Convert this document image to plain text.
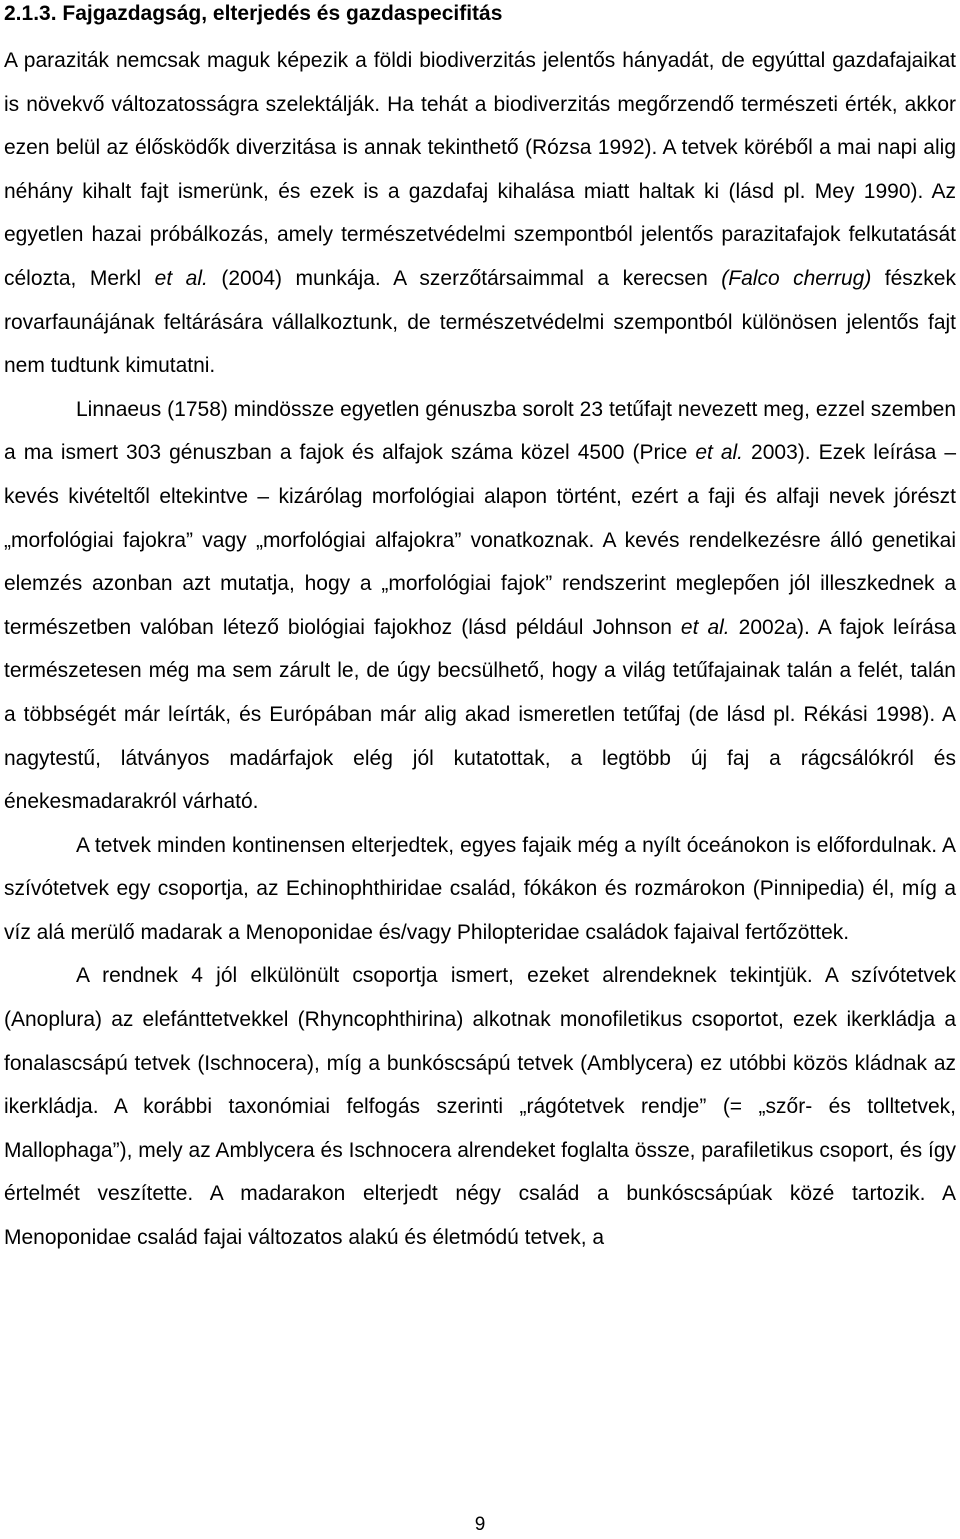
2.1.3. Fajgazdagság, elterjedés és gazdaspecifitás

A paraziták nemcsak maguk képezik a földi biodiverzitás jelentős hányadát, de egyúttal gazdafajaikat is növekvő változatosságra szelektálják. Ha tehát a biodiverzitás megőrzendő természeti érték, akkor ezen belül az élősködők diverzitása is annak tekinthető (Rózsa 1992). A tetvek köréből a mai napi alig néhány kihalt fajt ismerünk, és ezek is a gazdafaj kihalása miatt haltak ki (lásd pl. Mey 1990). Az egyetlen hazai próbálkozás, amely természetvédelmi szempontból jelentős parazitafajok felkutatását célozta, Merkl et al. (2004) munkája. A szerzőtársaimmal a kerecsen (Falco cherrug) fészkek rovarfaunájának feltárására vállalkoztunk, de természetvédelmi szempontból különösen jelentős fajt nem tudtunk kimutatni.

Linnaeus (1758) mindössze egyetlen génuszba sorolt 23 tetűfajt nevezett meg, ezzel szemben a ma ismert 303 génuszban a fajok és alfajok száma közel 4500 (Price et al. 2003). Ezek leírása – kevés kivételtől eltekintve – kizárólag morfológiai alapon történt, ezért a faji és alfaji nevek jórészt „morfológiai fajokra” vagy „morfológiai alfajokra” vonatkoznak. A kevés rendelkezésre álló genetikai elemzés azonban azt mutatja, hogy a „morfológiai fajok” rendszerint meglepően jól illeszkednek a természetben valóban létező biológiai fajokhoz (lásd például Johnson et al. 2002a). A fajok leírása természetesen még ma sem zárult le, de úgy becsülhető, hogy a világ tetűfajainak talán a felét, talán a többségét már leírták, és Európában már alig akad ismeretlen tetűfaj (de lásd pl. Rékási 1998). A nagytestű, látványos madárfajok elég jól kutatottak, a legtöbb új faj a rágcsálókról és énekesmadarakról várható.

A tetvek minden kontinensen elterjedtek, egyes fajaik még a nyílt óceánokon is előfordulnak. A szívótetvek egy csoportja, az Echinophthiridae család, fókákon és rozmárokon (Pinnipedia) él, míg a víz alá merülő madarak a Menoponidae és/vagy Philopteridae családok fajaival fertőzöttek.

A rendnek 4 jól elkülönült csoportja ismert, ezeket alrendeknek tekintjük. A szívótetvek (Anoplura) az elefánttetvekkel (Rhyncophthirina) alkotnak monofiletikus csoportot, ezek ikerkládja a fonalascsápú tetvek (Ischnocera), míg a bunkóscsápú tetvek (Amblycera) ez utóbbi közös kládnak az ikerkládja. A korábbi taxonómiai felfogás szerinti „rágótetvek rendje” (= „szőr- és tolltetvek, Mallophaga”), mely az Amblycera és Ischnocera alrendeket foglalta össze, parafiletikus csoport, és így értelmét veszítette. A madarakon elterjedt négy család a bunkóscsápúak közé tartozik. A Menoponidae család fajai változatos alakú és életmódú tetvek, a

9
